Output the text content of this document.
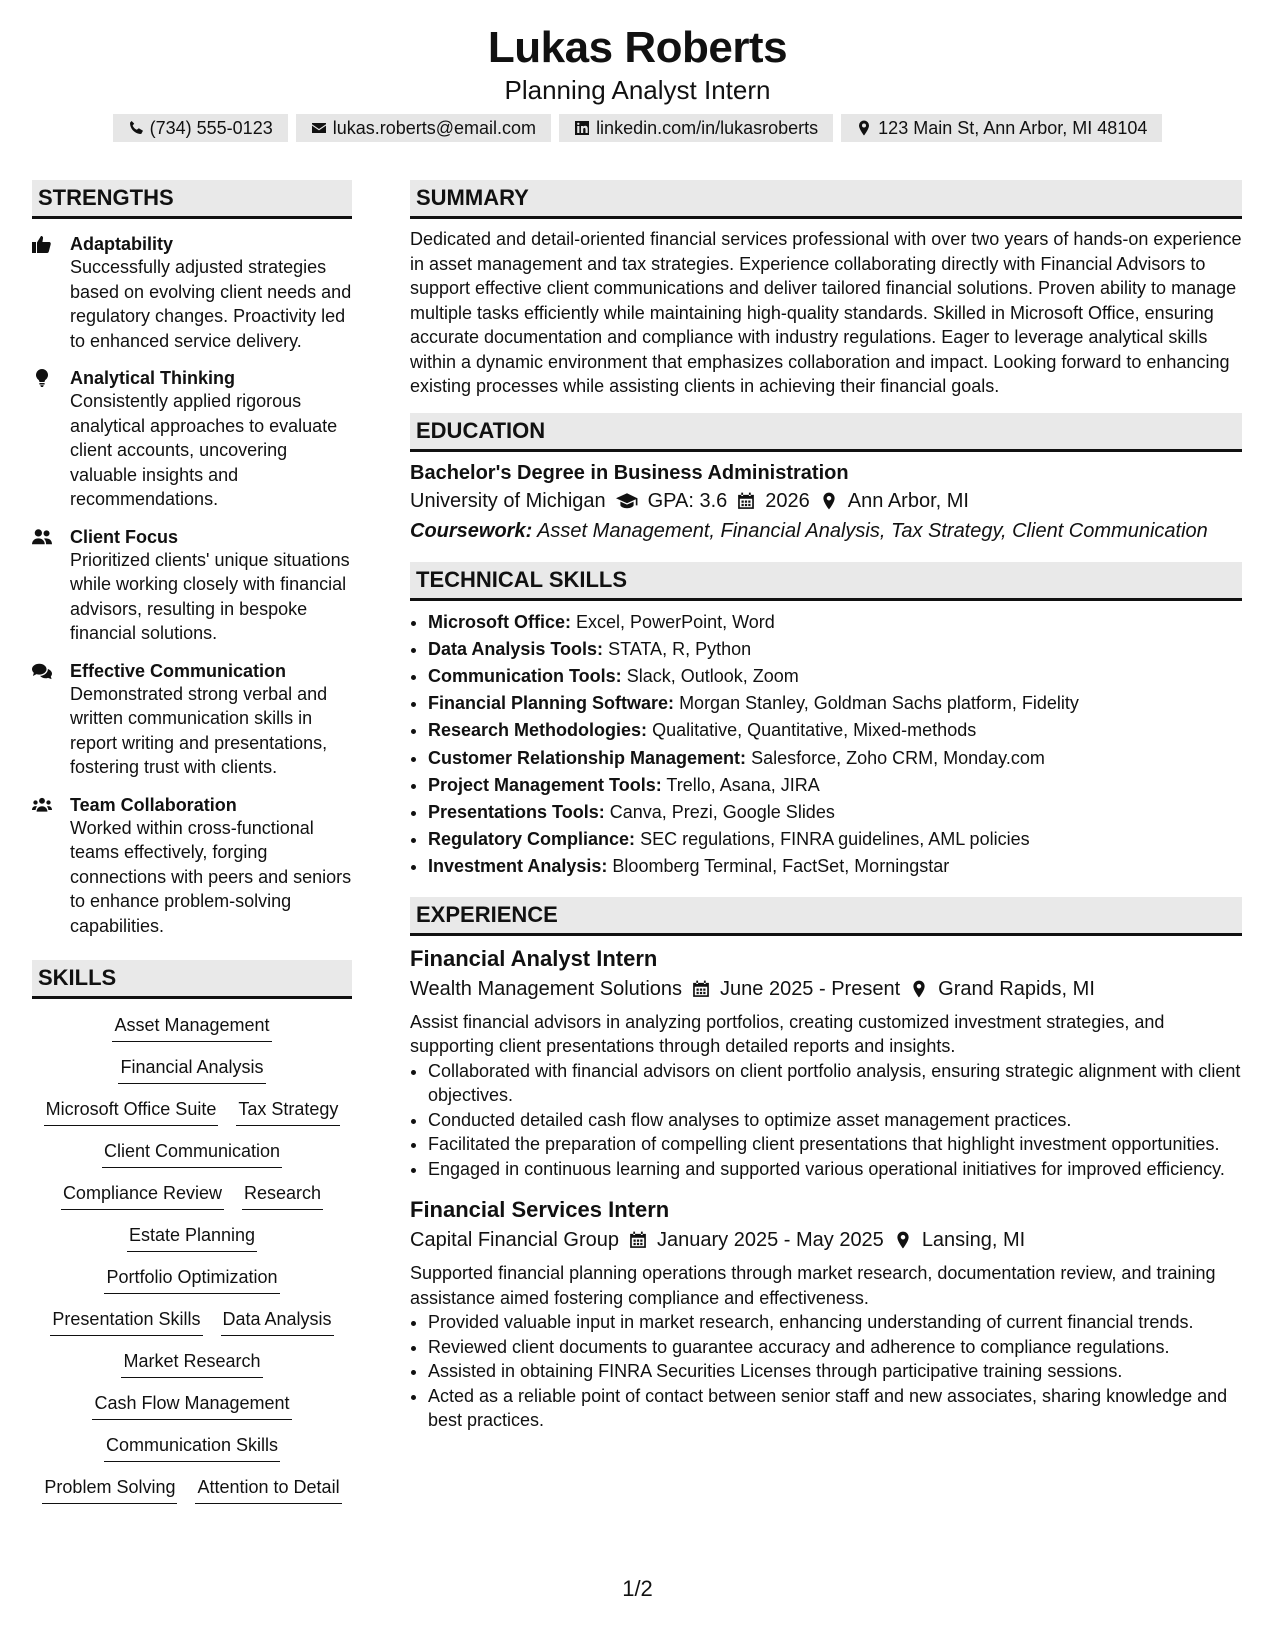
Lukas Roberts
Planning Analyst Intern
(734) 555-0123	lukas.roberts@email.com	linkedin.com/in/lukasroberts	123 Main St, Ann Arbor, MI 48104
STRENGTHS
Adaptability
Successfully adjusted strategies based on evolving client needs and regulatory changes. Proactivity led to enhanced service delivery.
Analytical Thinking
Consistently applied rigorous analytical approaches to evaluate client accounts, uncovering valuable insights and recommendations.
Client Focus
Prioritized clients' unique situations while working closely with financial advisors, resulting in bespoke financial solutions.
Effective Communication
Demonstrated strong verbal and written communication skills in report writing and presentations, fostering trust with clients.
Team Collaboration
Worked within cross-functional teams effectively, forging connections with peers and seniors to enhance problem-solving capabilities.
SKILLS
Asset Management
Financial Analysis
Microsoft Office Suite Tax Strategy
Client Communication
Compliance Review Research
Estate Planning
Portfolio Optimization
Presentation Skills Data Analysis
Market Research
Cash Flow Management
Communication Skills
Problem Solving Attention to Detail
SUMMARY
Dedicated and detail-oriented financial services professional with over two years of hands-on experience in asset management and tax strategies. Experience collaborating directly with Financial Advisors to support effective client communications and deliver tailored financial solutions. Proven ability to manage multiple tasks efficiently while maintaining high-quality standards. Skilled in Microsoft Office, ensuring accurate documentation and compliance with industry regulations. Eager to leverage analytical skills within a dynamic environment that emphasizes collaboration and impact. Looking forward to enhancing existing processes while assisting clients in achieving their financial goals.
EDUCATION
Bachelor's Degree in Business Administration
University of Michigan GPA: 3.6 2026 Ann Arbor, MI
Coursework: Asset Management, Financial Analysis, Tax Strategy, Client Communication
TECHNICAL SKILLS
• Microsoft Office: Excel, PowerPoint, Word
• Data Analysis Tools: STATA, R, Python
• Communication Tools: Slack, Outlook, Zoom
• Financial Planning Software: Morgan Stanley, Goldman Sachs platform, Fidelity
• Research Methodologies: Qualitative, Quantitative, Mixed-methods
• Customer Relationship Management: Salesforce, Zoho CRM, Monday.com
• Project Management Tools: Trello, Asana, JIRA
• Presentations Tools: Canva, Prezi, Google Slides
• Regulatory Compliance: SEC regulations, FINRA guidelines, AML policies
• Investment Analysis: Bloomberg Terminal, FactSet, Morningstar
EXPERIENCE
Financial Analyst Intern
Wealth Management Solutions June 2025 - Present Grand Rapids, MI
Assist financial advisors in analyzing portfolios, creating customized investment strategies, and supporting client presentations through detailed reports and insights.
• Collaborated with financial advisors on client portfolio analysis, ensuring strategic alignment with client objectives.
• Conducted detailed cash flow analyses to optimize asset management practices.
• Facilitated the preparation of compelling client presentations that highlight investment opportunities.
• Engaged in continuous learning and supported various operational initiatives for improved efficiency.
Financial Services Intern
Capital Financial Group January 2025 - May 2025 Lansing, MI
Supported financial planning operations through market research, documentation review, and training assistance aimed fostering compliance and effectiveness.
• Provided valuable input in market research, enhancing understanding of current financial trends.
• Reviewed client documents to guarantee accuracy and adherence to compliance regulations.
• Assisted in obtaining FINRA Securities Licenses through participative training sessions.
• Acted as a reliable point of contact between senior staff and new associates, sharing knowledge and best practices.
1/2
